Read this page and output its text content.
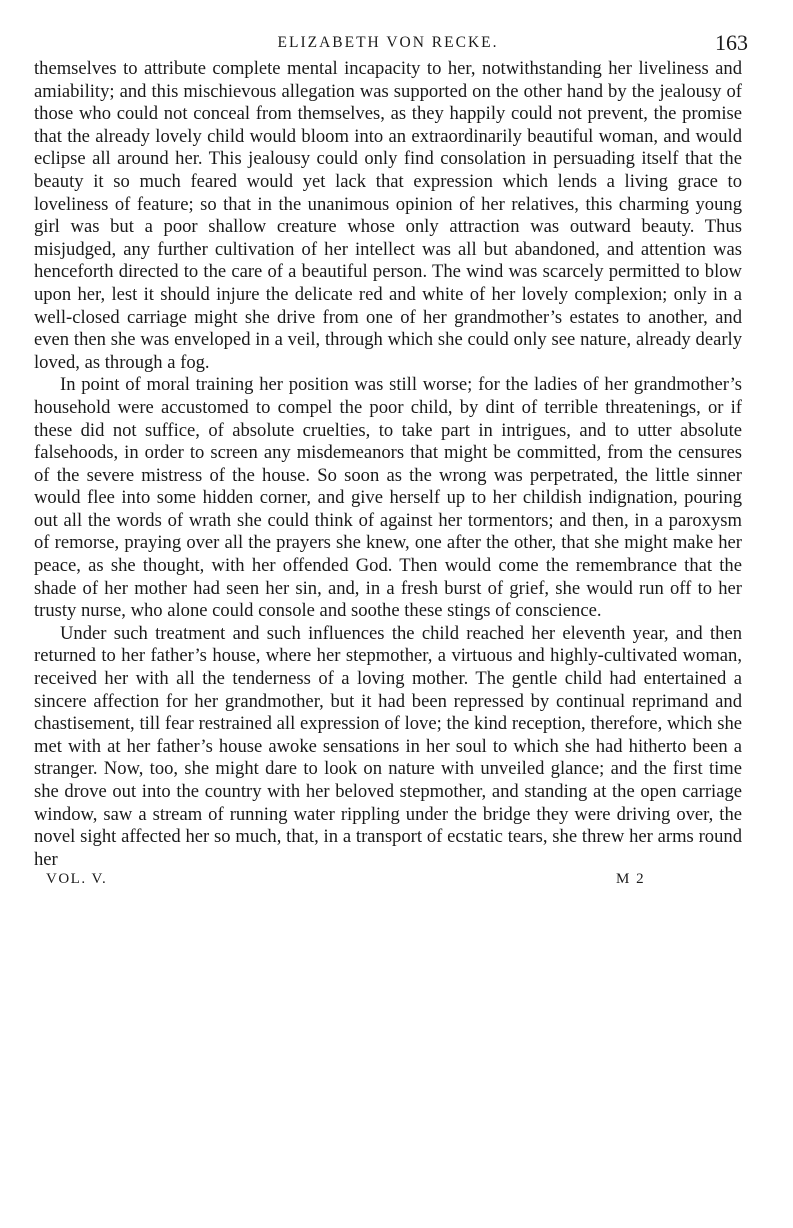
ELIZABETH VON RECKE.	163

themselves to attribute complete mental incapacity to her, notwithstanding her liveliness and amiability; and this mischievous allegation was supported on the other hand by the jealousy of those who could not conceal from themselves, as they happily could not prevent, the promise that the already lovely child would bloom into an extraordinarily beautiful woman, and would eclipse all around her. This jealousy could only find consolation in persuading itself that the beauty it so much feared would yet lack that expression which lends a living grace to loveliness of feature; so that in the unanimous opinion of her relatives, this charming young girl was but a poor shallow creature whose only attraction was outward beauty. Thus misjudged, any further cultivation of her intellect was all but abandoned, and attention was henceforth directed to the care of a beautiful person. The wind was scarcely permitted to blow upon her, lest it should injure the delicate red and white of her lovely complexion; only in a well-closed carriage might she drive from one of her grandmother’s estates to another, and even then she was enveloped in a veil, through which she could only see nature, already dearly loved, as through a fog.

In point of moral training her position was still worse; for the ladies of her grandmother’s household were accustomed to compel the poor child, by dint of terrible threatenings, or if these did not suffice, of absolute cruelties, to take part in intrigues, and to utter absolute falsehoods, in order to screen any misdemeanors that might be committed, from the censures of the severe mistress of the house. So soon as the wrong was perpetrated, the little sinner would flee into some hidden corner, and give herself up to her childish indignation, pouring out all the words of wrath she could think of against her tormentors; and then, in a paroxysm of remorse, praying over all the prayers she knew, one after the other, that she might make her peace, as she thought, with her offended God. Then would come the remembrance that the shade of her mother had seen her sin, and, in a fresh burst of grief, she would run off to her trusty nurse, who alone could console and soothe these stings of conscience.

Under such treatment and such influences the child reached her eleventh year, and then returned to her father’s house, where her stepmother, a virtuous and highly-cultivated woman, received her with all the tenderness of a loving mother. The gentle child had entertained a sincere affection for her grandmother, but it had been repressed by continual reprimand and chastisement, till fear restrained all expression of love; the kind reception, therefore, which she met with at her father’s house awoke sensations in her soul to which she had hitherto been a stranger. Now, too, she might dare to look on nature with unveiled glance; and the first time she drove out into the country with her beloved stepmother, and standing at the open carriage window, saw a stream of running water rippling under the bridge they were driving over, the novel sight affected her so much, that, in a transport of ecstatic tears, she threw her arms round her

VOL. V.	M 2
